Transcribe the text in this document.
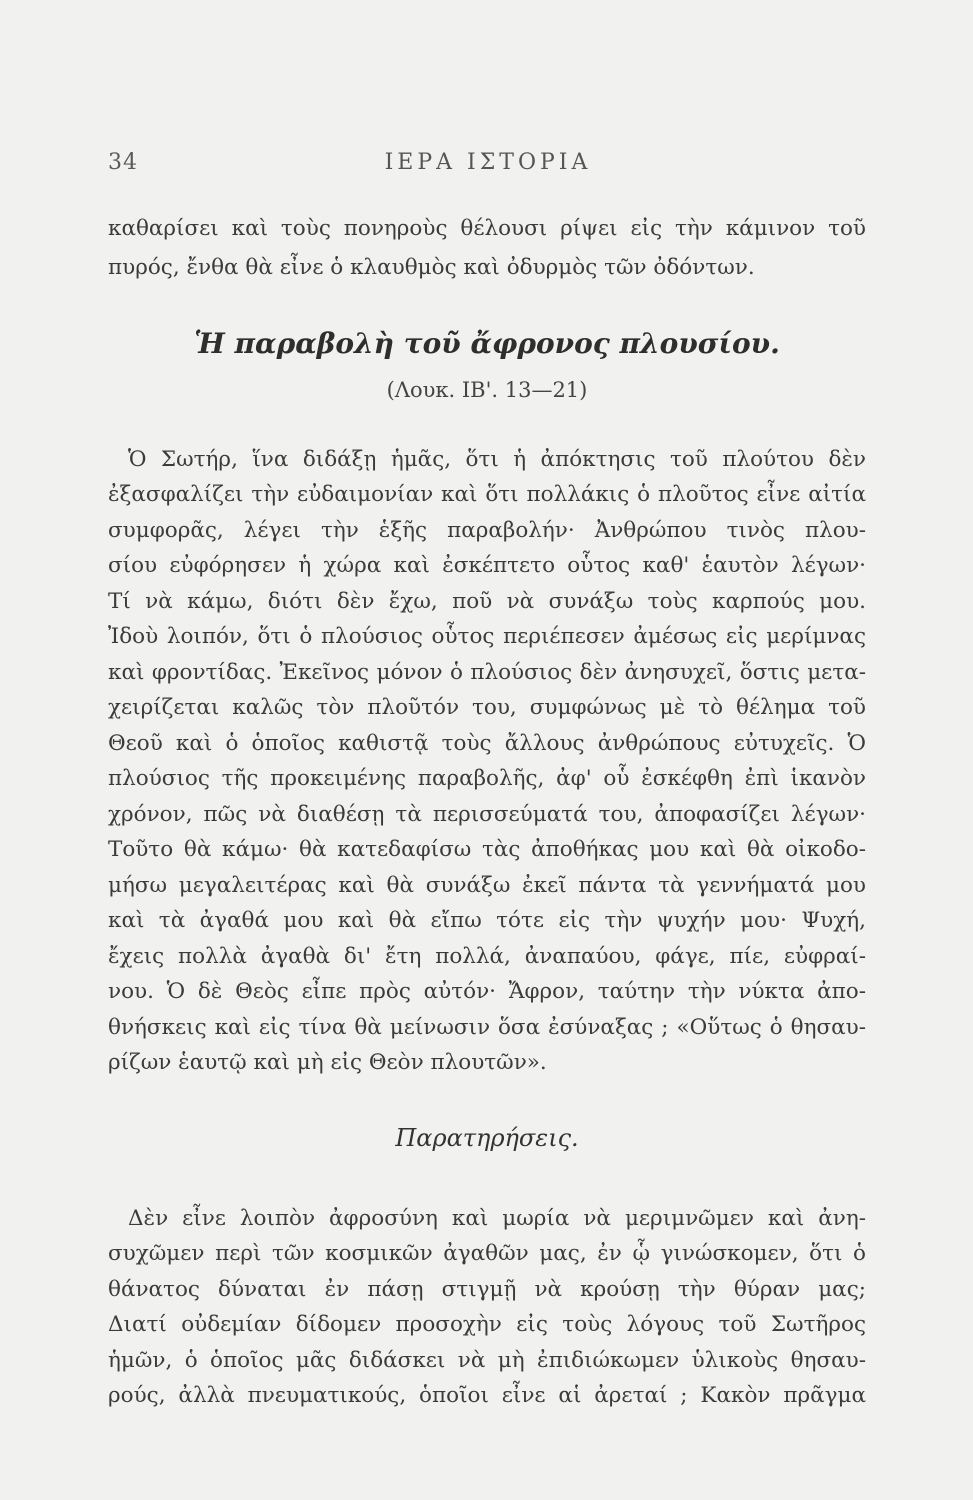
34	ΙΕΡΑ ΙΣΤΟΡΙΑ
καθαρίσει καὶ τοὺς πονηροὺς θέλουσι ρίψει εἰς τὴν κάμινον τοῦ
πυρός, ἔνθα θὰ εἶνε ὁ κλαυθμὸς καὶ ὀδυρμὸς τῶν ὀδόντων.
Ἡ παραβολὴ τοῦ ἄφρονος πλουσίου.
(Λουκ. ΙΒ'. 13—21)
Ὁ Σωτήρ, ἵνα διδάξῃ ἡμᾶς, ὅτι ἡ ἀπόκτησις τοῦ πλούτου δὲν
ἐξασφαλίζει τὴν εὐδαιμονίαν καὶ ὅτι πολλάκις ὁ πλοῦτος εἶνε αἰτία
συμφορᾶς, λέγει τὴν ἑξῆς παραβολήν· Ἀνθρώπου τινὸς πλου-
σίου εὐφόρησεν ἡ χώρα καὶ ἐσκέπτετο οὗτος καθ' ἑαυτὸν λέγων·
Τί νὰ κάμω, διότι δὲν ἔχω, ποῦ νὰ συνάξω τοὺς καρπούς μου.
Ἰδοὺ λοιπόν, ὅτι ὁ πλούσιος οὗτος περιέπεσεν ἀμέσως εἰς μερίμνας
καὶ φροντίδας. Ἐκεῖνος μόνον ὁ πλούσιος δὲν ἀνησυχεῖ, ὅστις μετα-
χειρίζεται καλῶς τὸν πλοῦτόν του, συμφώνως μὲ τὸ θέλημα τοῦ
Θεοῦ καὶ ὁ ὁποῖος καθιστᾷ τοὺς ἄλλους ἀνθρώπους εὐτυχεῖς. Ὁ
πλούσιος τῆς προκειμένης παραβολῆς, ἀφ' οὗ ἐσκέφθη ἐπὶ ἱκανὸν
χρόνον, πῶς νὰ διαθέσῃ τὰ περισσεύματά του, ἀποφασίζει λέγων·
Τοῦτο θὰ κάμω· θὰ κατεδαφίσω τὰς ἀποθήκας μου καὶ θὰ οἰκοδο-
μήσω μεγαλειτέρας καὶ θὰ συνάξω ἐκεῖ πάντα τὰ γεννήματά μου
καὶ τὰ ἀγαθά μου καὶ θὰ εἴπω τότε εἰς τὴν ψυχήν μου· Ψυχή,
ἔχεις πολλὰ ἀγαθὰ δι' ἔτη πολλά, ἀναπαύου, φάγε, πίε, εὐφραί-
νου. Ὁ δὲ Θεὸς εἶπε πρὸς αὐτόν· Ἄφρον, ταύτην τὴν νύκτα ἀπο-
θνήσκεις καὶ εἰς τίνα θὰ μείνωσιν ὅσα ἐσύναξας ; «Οὕτως ὁ θησαυ-
ρίζων ἑαυτῷ καὶ μὴ εἰς Θεὸν πλουτῶν».
Παρατηρήσεις.
Δὲν εἶνε λοιπὸν ἀφροσύνη καὶ μωρία νὰ μεριμνῶμεν καὶ ἀνη-
συχῶμεν περὶ τῶν κοσμικῶν ἀγαθῶν μας, ἐν ᾧ γινώσκομεν, ὅτι ὁ
θάνατος δύναται ἐν πάσῃ στιγμῇ νὰ κρούσῃ τὴν θύραν μας;
Διατί οὐδεμίαν δίδομεν προσοχὴν εἰς τοὺς λόγους τοῦ Σωτῆρος
ἡμῶν, ὁ ὁποῖος μᾶς διδάσκει νὰ μὴ ἐπιδιώκωμεν ὑλικοὺς θησαυ-
ρούς, ἀλλὰ πνευματικούς, ὁποῖοι εἶνε αἱ ἀρεταί ; Κακὸν πρᾶγμα
